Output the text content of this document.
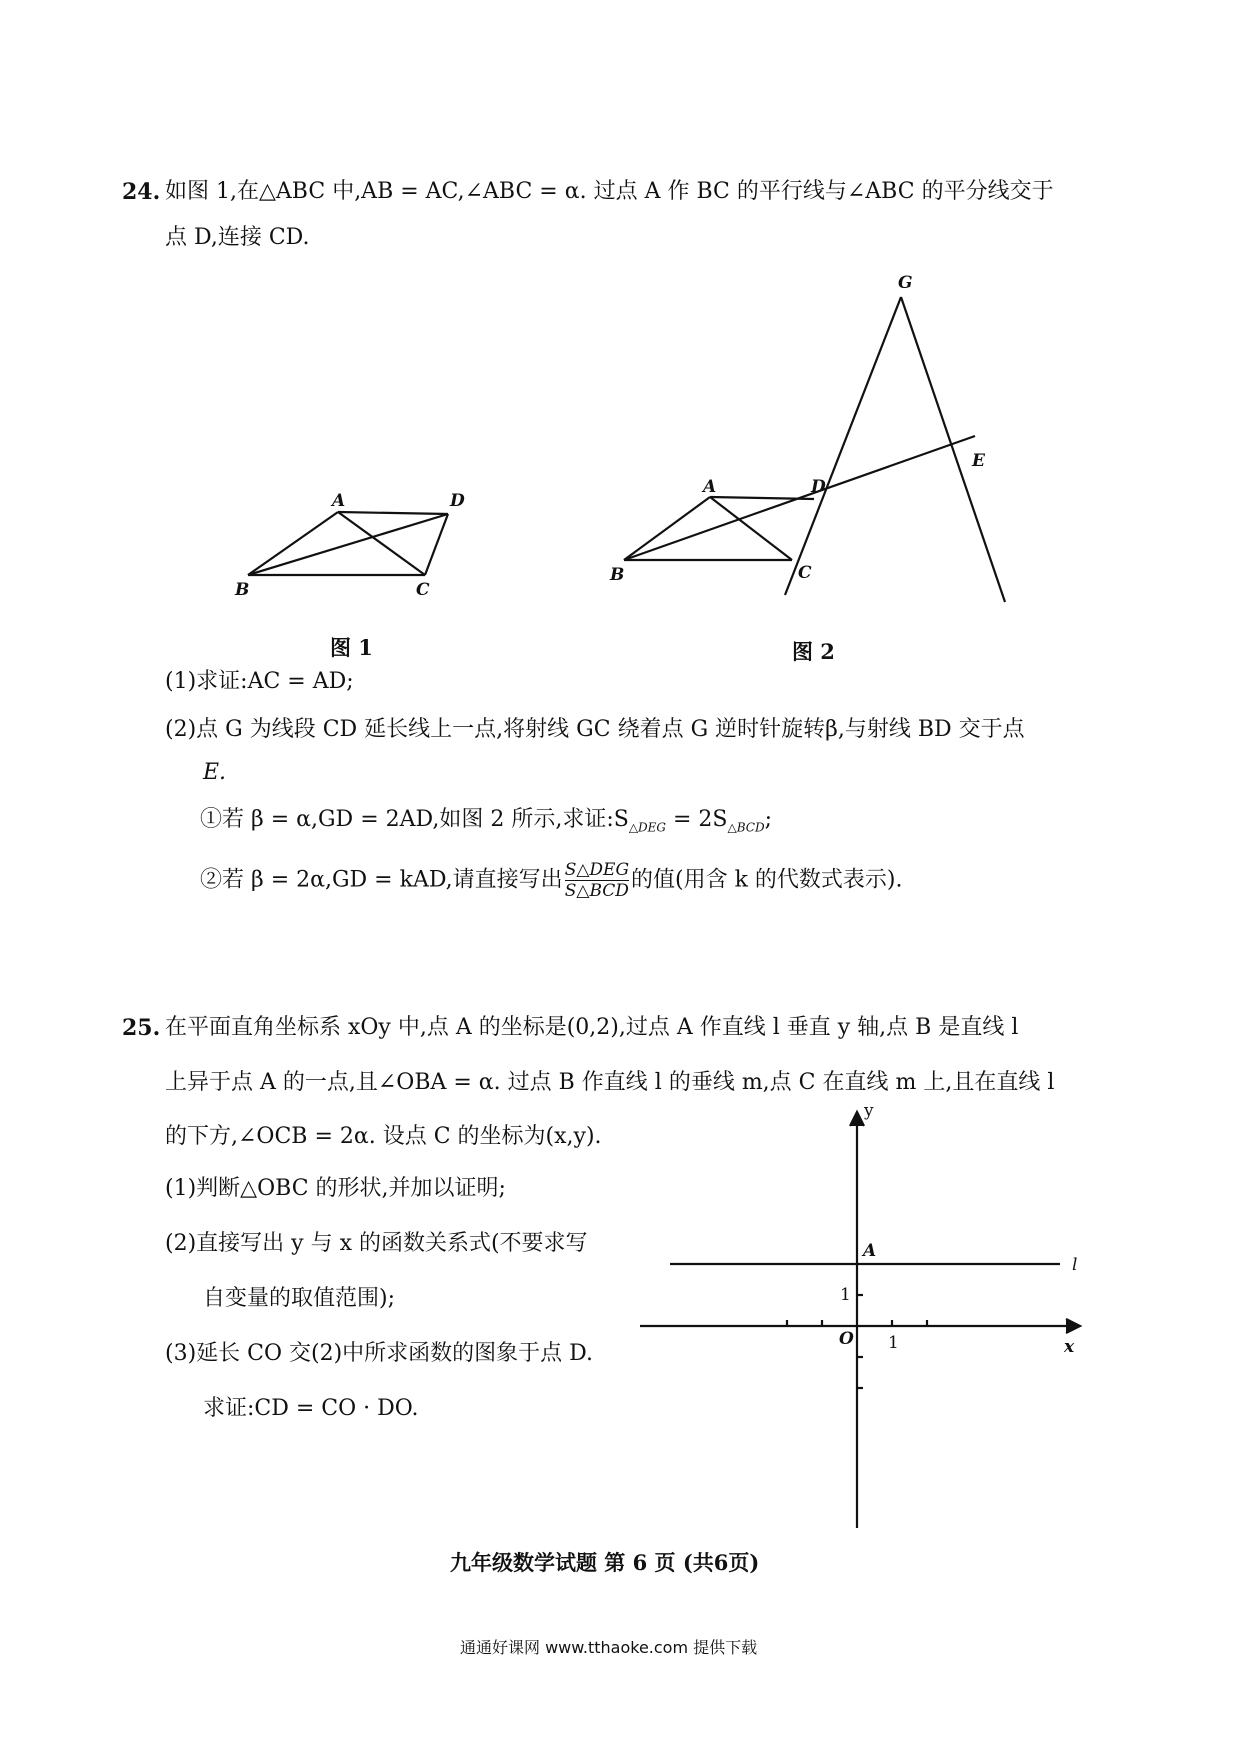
24. 如图 1,在△ABC 中,AB = AC,∠ABC = α. 过点 A 作 BC 的平行线与∠ABC 的平分线交于
点 D,连接 CD.
A	D
B	C
图 1
G
A	D
E
B	C
图 2
(1)求证:AC = AD;
(2)点 G 为线段 CD 延长线上一点,将射线 GC 绕着点 G 逆时针旋转β,与射线 BD 交于点
E.
①若 β = α,GD = 2AD,如图 2 所示,求证$:S_{\triangle DEG} = 2S_{\triangle BCD}$;
②若 β = 2α,GD = kAD,请直接写出 $\frac{\text{S△DEG}}{\text{S△BCD}}$ 的值(用含 k 的代数式表示).
25. 在平面直角坐标系 xOy 中,点 A 的坐标是(0,2),过点 A 作直线 l 垂直 y 轴,点 B 是直线 l
上异于点 A 的一点,且∠OBA = α. 过点 B 作直线 l 的垂线 m,点 C 在直线 m 上,且在直线 l
的下方,∠OCB = 2α. 设点 C 的坐标为(x,y).
(1)判断△OBC 的形状,并加以证明;
(2)直接写出 y 与 x 的函数关系式(不要求写
自变量的取值范围);
(3)延长 CO 交(2)中所求函数的图象于点 D.
求证:CD = CO · DO.
y
x
O 1
1
A
l
九年级数学试题 第 6 页 (共6页)
通通好课网 www.tthaoke.com 提供下载
